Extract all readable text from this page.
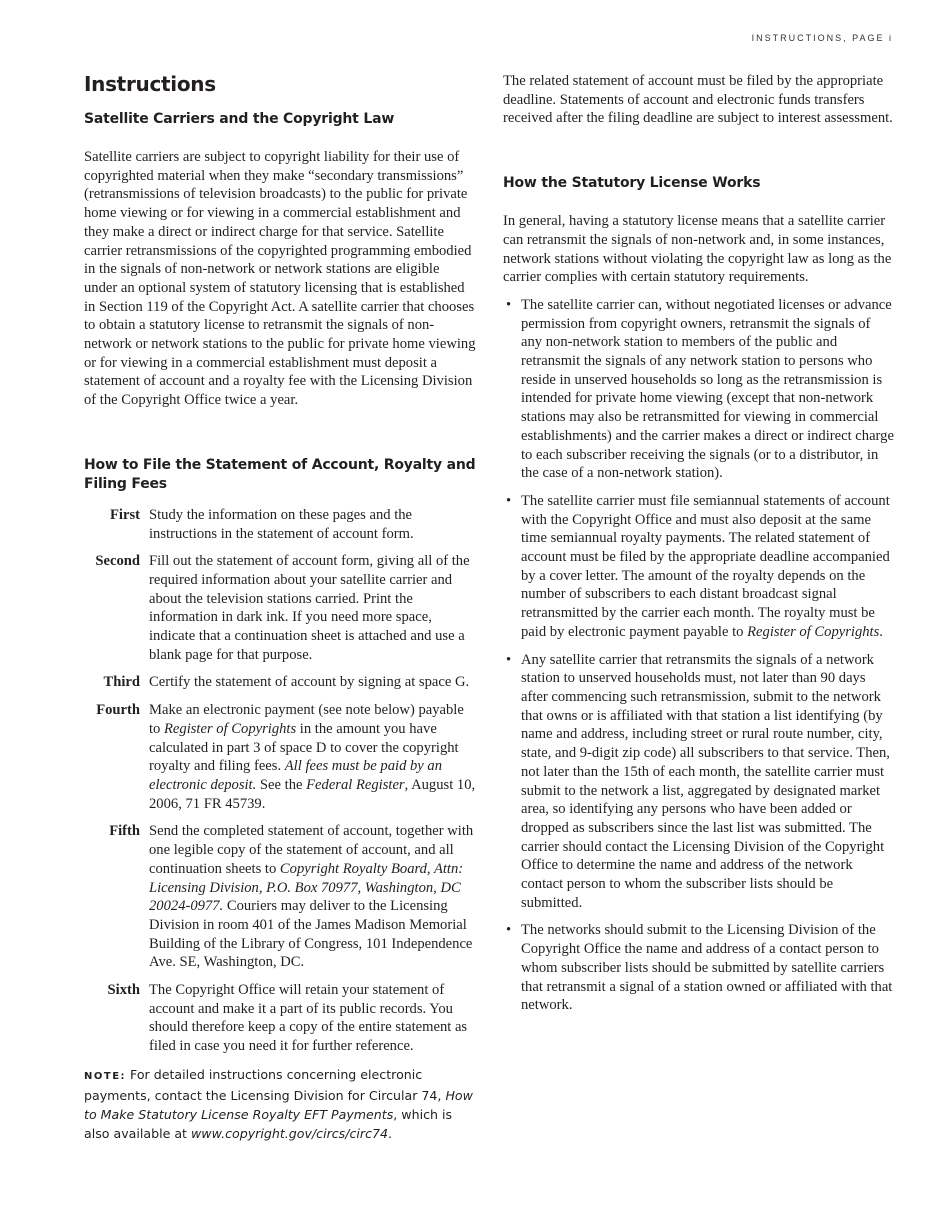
INSTRUCTIONS, PAGE i
Instructions
Satellite Carriers and the Copyright Law

Satellite carriers are subject to copyright liability for their use of copyrighted material when they make “secondary transmissions” (retransmissions of television broadcasts) to the public for private home viewing or for viewing in a commercial establishment and they make a direct or indirect charge for that service. Satellite carrier retransmissions of the copyrighted programming embodied in the signals of non-network or network stations are eligible under an optional system of statutory licensing that is established in Section 119 of the Copyright Act. A satellite carrier that chooses to obtain a statutory license to retransmit the signals of non-network or network stations to the public for private home viewing or for viewing in a commercial establishment must deposit a statement of account and a royalty fee with the Licensing Division of the Copyright Office twice a year.

How to File the Statement of Account, Royalty and Filing Fees
First Study the information on these pages and the instructions in the statement of account form.
Second Fill out the statement of account form, giving all of the required information about your satellite carrier and about the television stations carried. Print the information in dark ink. If you need more space, indicate that a continuation sheet is attached and use a blank page for that purpose.
Third Certify the statement of account by signing at space G.
Fourth Make an electronic payment (see note below) payable to Register of Copyrights in the amount you have calculated in part 3 of space D to cover the copyright royalty and filing fees. All fees must be paid by an electronic deposit. See the Federal Register, August 10, 2006, 71 FR 45739.
Fifth Send the completed statement of account, together with one legible copy of the statement of account, and all continuation sheets to Copyright Royalty Board, Attn: Licensing Division, P.O. Box 70977, Washington, DC 20024-0977. Couriers may deliver to the Licensing Division in room 401 of the James Madison Memorial Building of the Library of Congress, 101 Independence Ave. SE, Washington, DC.
Sixth The Copyright Office will retain your statement of account and make it a part of its public records. You should therefore keep a copy of the entire statement as filed in case you need it for further reference.

NOTE: For detailed instructions concerning electronic payments, contact the Licensing Division for Circular 74, How to Make Statutory License Royalty EFT Payments, which is also available at www.copyright.gov/circs/circ74.

The related statement of account must be filed by the appropriate deadline. Statements of account and electronic funds transfers received after the filing deadline are subject to interest assessment.

How the Statutory License Works

In general, having a statutory license means that a satellite carrier can retransmit the signals of non-network and, in some instances, network stations without violating the copyright law as long as the carrier complies with certain statutory requirements.

• The satellite carrier can, without negotiated licenses or advance permission from copyright owners, retransmit the signals of any non-network station to members of the public and retransmit the signals of any network station to persons who reside in unserved households so long as the retransmission is intended for private home viewing (except that non-network stations may also be retransmitted for viewing in commercial establishments) and the carrier makes a direct or indirect charge to each subscriber receiving the signals (or to a distributor, in the case of a non-network station).
• The satellite carrier must file semiannual statements of account with the Copyright Office and must also deposit at the same time semiannual royalty payments. The related statement of account must be filed by the appropriate deadline accompanied by a cover letter. The amount of the royalty depends on the number of subscribers to each distant broadcast signal retransmitted by the carrier each month. The royalty must be paid by electronic payment payable to Register of Copyrights.
• Any satellite carrier that retransmits the signals of a network station to unserved households must, not later than 90 days after commencing such retransmission, submit to the network that owns or is affiliated with that station a list identifying (by name and address, including street or rural route number, city, state, and 9-digit zip code) all subscribers to that service. Then, not later than the 15th of each month, the satellite carrier must submit to the network a list, aggregated by designated market area, so identifying any persons who have been added or dropped as subscribers since the last list was submitted. The carrier should contact the Licensing Division of the Copyright Office to determine the name and address of the network contact person to whom the subscriber lists should be submitted.
• The networks should submit to the Licensing Division of the Copyright Office the name and address of a contact person to whom subscriber lists should be submitted by satellite carriers that retransmit a signal of a station owned or affiliated with that network.
